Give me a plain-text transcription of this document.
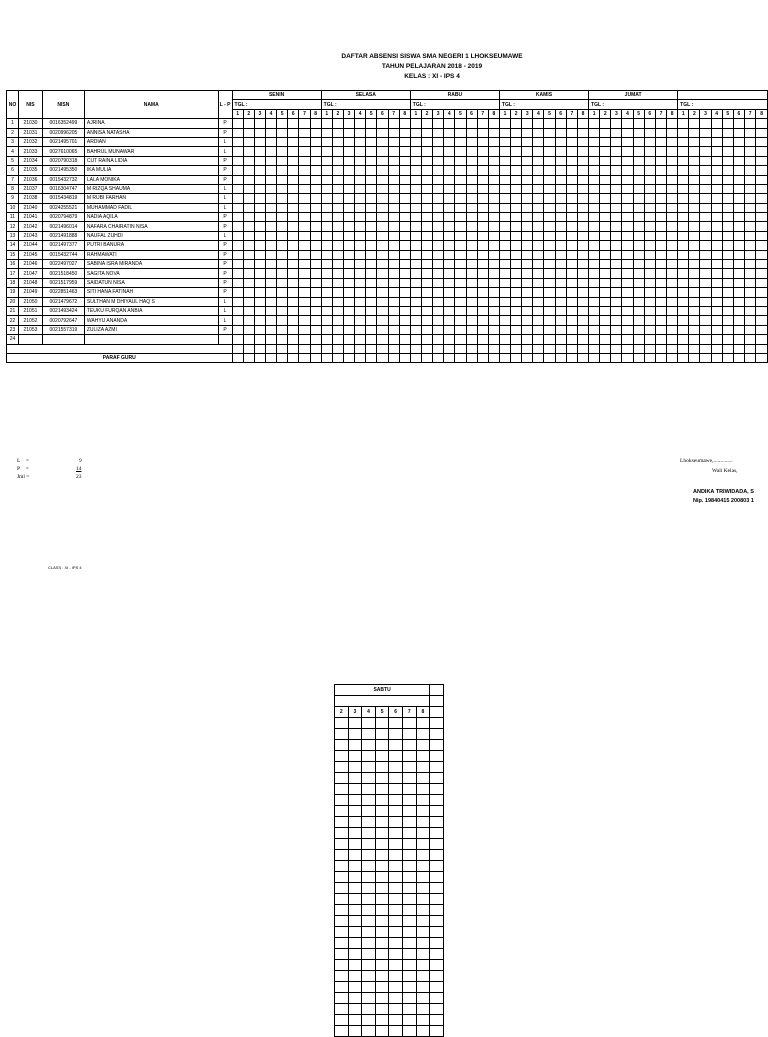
DAFTAR ABSENSI SISWA SMA NEGERI 1 LHOKSEUMAWE
TAHUN PELAJARAN 2018 - 2019
KELAS : XI - IPS 4
NO	NIS	NISN	NAMA	L - P	SENIN								SELASA								RABU								KAMIS								JUMAT															
					TGL :								TGL :								TGL :								TGL :								TGL :								TGL :							
					1	2	3	4	5	6	7	8	1	2	3	4	5	6	7	8	1	2	3	4	5	6	7	8	1	2	3	4	5	6	7	8	1	2	3	4	5	6	7	8	1	2	3	4	5	6	7	8
1	21030	0016352499	AJRINA	P																																																
2	21031	0020996205	ANNISA NATASHA	P																																																
3	21032	0021495701	ARDIAN	L																																																
4	21033	0027610065	BAHRUL MUNAWAR	L																																																
5	21034	0020790318	CUT RAINA LIDIA	P																																																
6	21035	0021495350	IKA MULIA	P																																																
7	21036	0015432732	LALA MONIKA	P																																																
8	21037	0016304747	M RIZQA SHAUMA	L																																																
9	21038	0015434819	M RUBI FARHAN	L																																																
10	21040	0024255521	MUHAMMAD FADIL	L																																																
11	21041	0020794879	NADIA AQILA	P																																																
12	21042	0021496014	NAFARA CHAIRATIN NISA	P																																																
13	21043	0021491888	NAUFAL ZUHDI	L																																																
14	21044	0021497377	PUTRI BANURA	P																																																
15	21045	0015432744	RAHMAWATI	P																																																
16	21046	0022497027	SABINA ISRA MIRANDA	P																																																
17	21047	0021518450	SAGITA NOVA	P																																																
18	21048	0021517959	SAIDATUN NISA	P																																																
19	21049	0022851463	SITI HANA FATINAH	P																																																
20	21050	0021479672	SULTHAN M DHIYAUL HAQ S	L																																																
21	21051	0021493424	TEUKU FURQAN ANBIA	L																																																
22	21052	0020792647	WAHYU ANANDA	L																																																
23	21053	0021557319	ZULIZA AZMI	P																																																
24																																																				

PARAF GURU																																																				
L =	9
P =	14
Jml =	23
Lhokseumawe,..............
Wali Kelas,
ANDIKA TRIWIDADA, S
Nip. 19840415 200803 1
CLASS : XI - IPS 4
SABTU							

2	3	4	5	6	7	8	
